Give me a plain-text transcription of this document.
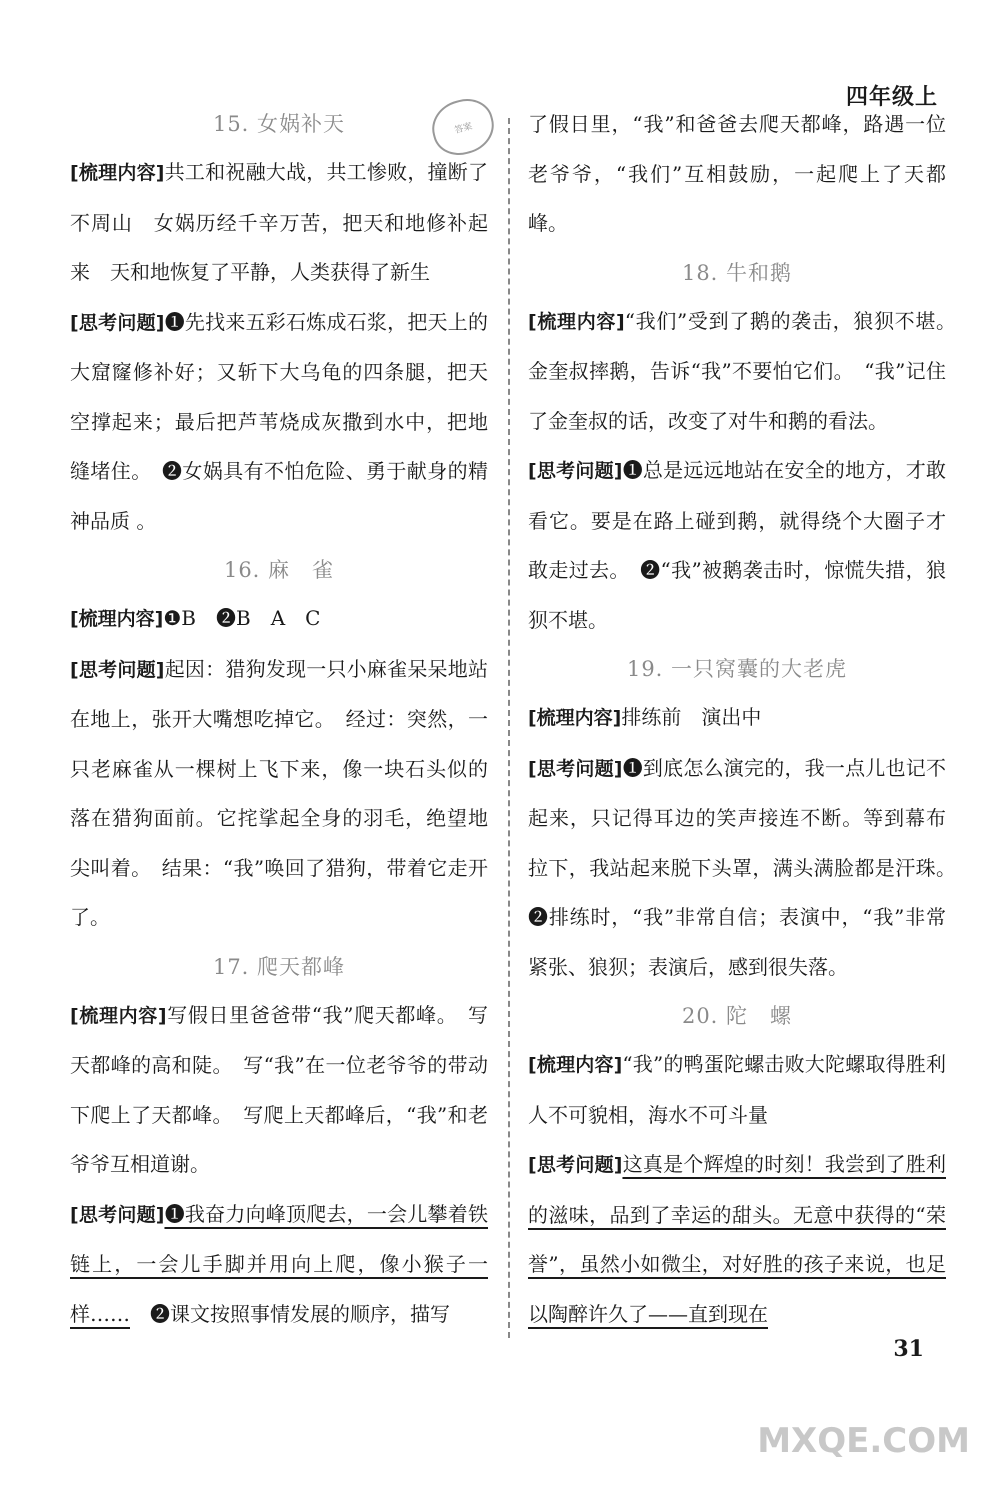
四年级上
答案
15. 女娲补天
[梳理内容]共工和祝融大战，共工惨败，撞断了不周山　女娲历经千辛万苦，把天和地修补起来　天和地恢复了平静，人类获得了新生
[思考问题]❶先找来五彩石炼成石浆，把天上的大窟窿修补好；又斩下大乌龟的四条腿，把天空撑起来；最后把芦苇烧成灰撒到水中，把地缝堵住。　❷女娲具有不怕危险、勇于献身的精神品质 。
16. 麻　雀
[梳理内容]❶B　❷B　A　C
[思考问题]起因：猎狗发现一只小麻雀呆呆地站在地上，张开大嘴想吃掉它。　经过：突然，一只老麻雀从一棵树上飞下来，像一块石头似的落在猎狗面前。它挓挲起全身的羽毛，绝望地尖叫着。　结果：“我”唤回了猎狗，带着它走开了。
17. 爬天都峰
[梳理内容]写假日里爸爸带“我”爬天都峰。　写天都峰的高和陡。　写“我”在一位老爷爷的带动下爬上了天都峰。　写爬上天都峰后，“我”和老爷爷互相道谢。
[思考问题]❶我奋力向峰顶爬去，一会儿攀着铁链上，一会儿手脚并用向上爬，像小猴子一样……　❷课文按照事情发展的顺序，描写
了假日里，“我”和爸爸去爬天都峰，路遇一位老爷爷，“我们”互相鼓励，一起爬上了天都峰。
18. 牛和鹅
[梳理内容]“我们”受到了鹅的袭击，狼狈不堪。　金奎叔摔鹅，告诉“我”不要怕它们。　“我”记住了金奎叔的话，改变了对牛和鹅的看法。
[思考问题]❶总是远远地站在安全的地方，才敢看它。要是在路上碰到鹅，就得绕个大圈子才敢走过去。　❷“我”被鹅袭击时，惊慌失措，狼狈不堪。
19. 一只窝囊的大老虎
[梳理内容]排练前　演出中
[思考问题]❶到底怎么演完的，我一点儿也记不起来，只记得耳边的笑声接连不断。等到幕布拉下，我站起来脱下头罩，满头满脸都是汗珠。　❷排练时，“我”非常自信；表演中，“我”非常紧张、狼狈；表演后，感到很失落。
20. 陀　螺
[梳理内容]“我”的鸭蛋陀螺击败大陀螺取得胜利　人不可貌相，海水不可斗量
[思考问题]这真是个辉煌的时刻！我尝到了胜利的滋味，品到了幸运的甜头。无意中获得的“荣誉”，虽然小如微尘，对好胜的孩子来说，也足以陶醉许久了——直到现在
31
MXQE.COM
